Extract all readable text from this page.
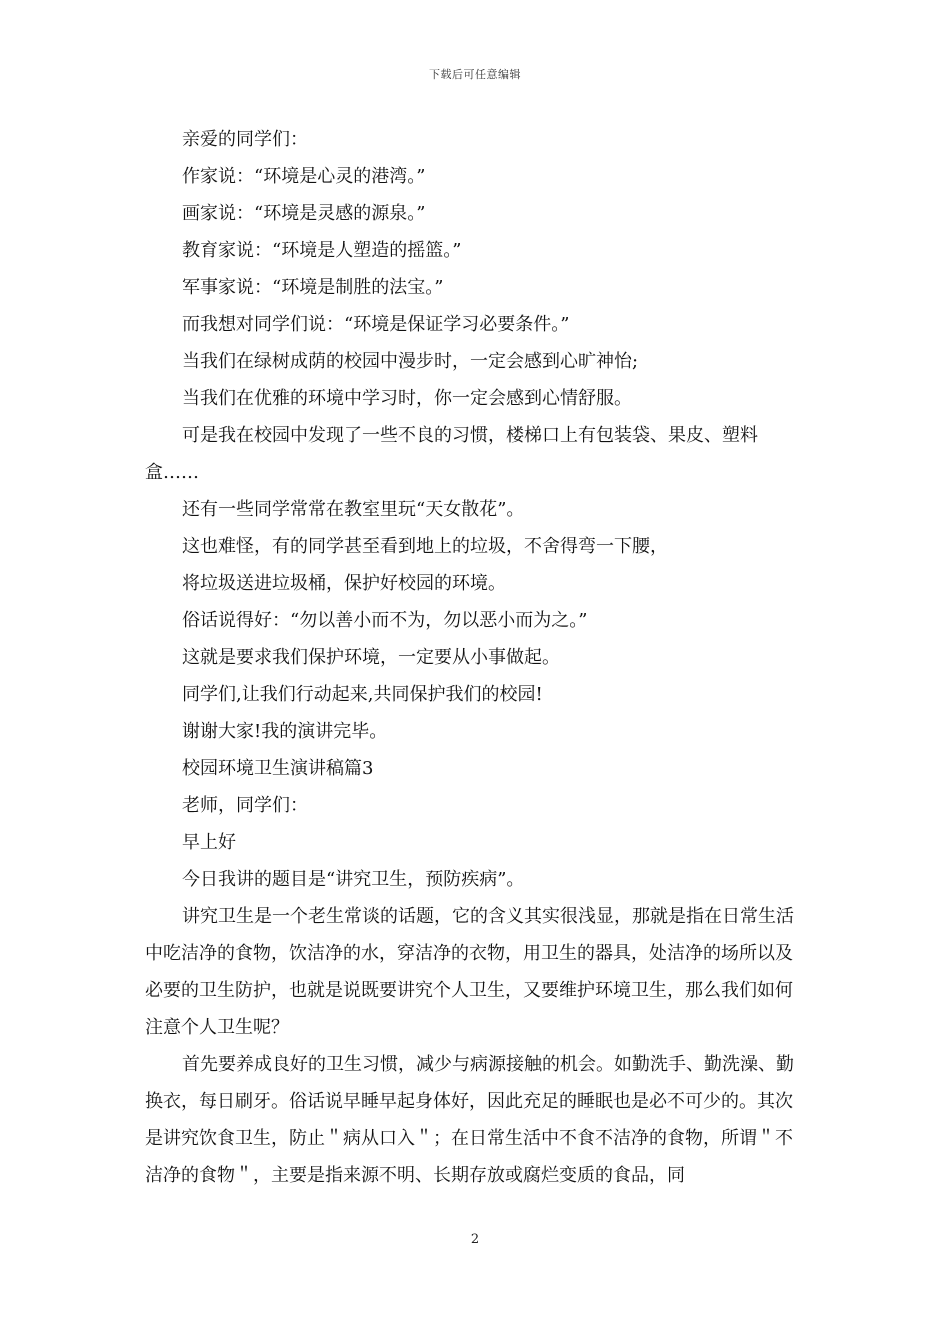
下载后可任意编辑

亲爱的同学们：

作家说：“环境是心灵的港湾。”

画家说：“环境是灵感的源泉。”

教育家说：“环境是人塑造的摇篮。”

军事家说：“环境是制胜的法宝。”

而我想对同学们说：“环境是保证学习必要条件。”

当我们在绿树成荫的校园中漫步时，一定会感到心旷神怡;

当我们在优雅的环境中学习时，你一定会感到心情舒服。

可是我在校园中发现了一些不良的习惯，楼梯口上有包装袋、果皮、塑料盒……

还有一些同学常常在教室里玩“天女散花”。

这也难怪，有的同学甚至看到地上的垃圾，不舍得弯一下腰，

将垃圾送进垃圾桶，保护好校园的环境。

俗话说得好：“勿以善小而不为，勿以恶小而为之。”

这就是要求我们保护环境，一定要从小事做起。

同学们,让我们行动起来,共同保护我们的校园!

谢谢大家!我的演讲完毕。

校园环境卫生演讲稿篇3

老师，同学们：

早上好

今日我讲的题目是“讲究卫生，预防疾病”。

讲究卫生是一个老生常谈的话题，它的含义其实很浅显，那就是指在日常生活中吃洁净的食物，饮洁净的水，穿洁净的衣物，用卫生的器具，处洁净的场所以及必要的卫生防护，也就是说既要讲究个人卫生，又要维护环境卫生，那么我们如何注意个人卫生呢？

首先要养成良好的卫生习惯，减少与病源接触的机会。如勤洗手、勤洗澡、勤换衣，每日刷牙。俗话说早睡早起身体好，因此充足的睡眠也是必不可少的。其次是讲究饮食卫生，防止＂病从口入＂；在日常生活中不食不洁净的食物，所谓＂不洁净的食物＂，主要是指来源不明、长期存放或腐烂变质的食品，同

2
